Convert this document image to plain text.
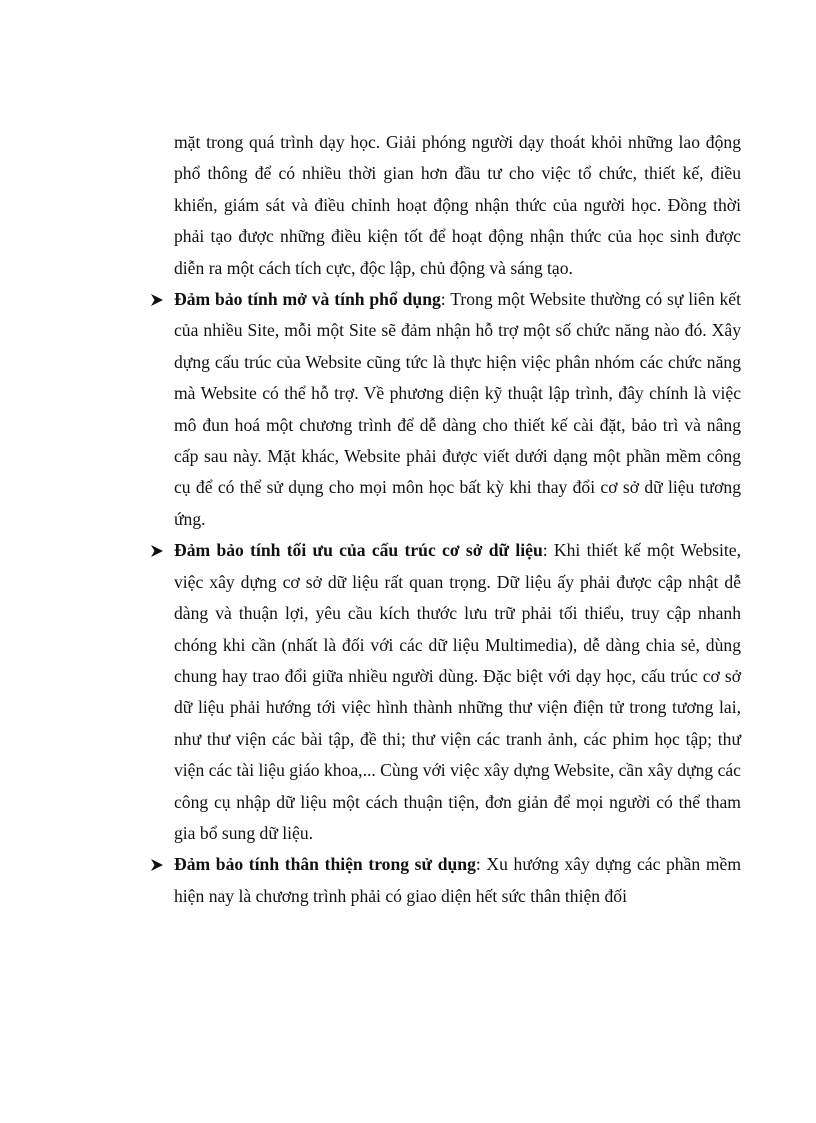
mặt trong quá trình dạy học. Giải phóng người dạy thoát khỏi những lao động phổ thông để có nhiều thời gian hơn đầu tư cho việc tổ chức, thiết kế, điều khiển, giám sát và điều chỉnh hoạt động nhận thức của người học. Đồng thời phải tạo được những điều kiện tốt để hoạt động nhận thức của học sinh được diễn ra một cách tích cực, độc lập, chủ động và sáng tạo.

Đảm bảo tính mở và tính phổ dụng: Trong một Website thường có sự liên kết của nhiều Site, mỗi một Site sẽ đảm nhận hỗ trợ một số chức năng nào đó. Xây dựng cấu trúc của Website cũng tức là thực hiện việc phân nhóm các chức năng mà Website có thể hỗ trợ. Về phương diện kỹ thuật lập trình, đây chính là việc mô đun hoá một chương trình để dễ dàng cho thiết kế cài đặt, bảo trì và nâng cấp sau này. Mặt khác, Website phải được viết dưới dạng một phần mềm công cụ để có thể sử dụng cho mọi môn học bất kỳ khi thay đổi cơ sở dữ liệu tương ứng.

Đảm bảo tính tối ưu của cấu trúc cơ sở dữ liệu: Khi thiết kế một Website, việc xây dựng cơ sở dữ liệu rất quan trọng. Dữ liệu ấy phải được cập nhật dễ dàng và thuận lợi, yêu cầu kích thước lưu trữ phải tối thiểu, truy cập nhanh chóng khi cần (nhất là đối với các dữ liệu Multimedia), dễ dàng chia sẻ, dùng chung hay trao đổi giữa nhiều người dùng. Đặc biệt với dạy học, cấu trúc cơ sở dữ liệu phải hướng tới việc hình thành những thư viện điện tử trong tương lai, như thư viện các bài tập, đề thi; thư viện các tranh ảnh, các phim học tập; thư viện các tài liệu giáo khoa,... Cùng với việc xây dựng Website, cần xây dựng các công cụ nhập dữ liệu một cách thuận tiện, đơn giản để mọi người có thể tham gia bổ sung dữ liệu.

Đảm bảo tính thân thiện trong sử dụng: Xu hướng xây dựng các phần mềm hiện nay là chương trình phải có giao diện hết sức thân thiện đối
